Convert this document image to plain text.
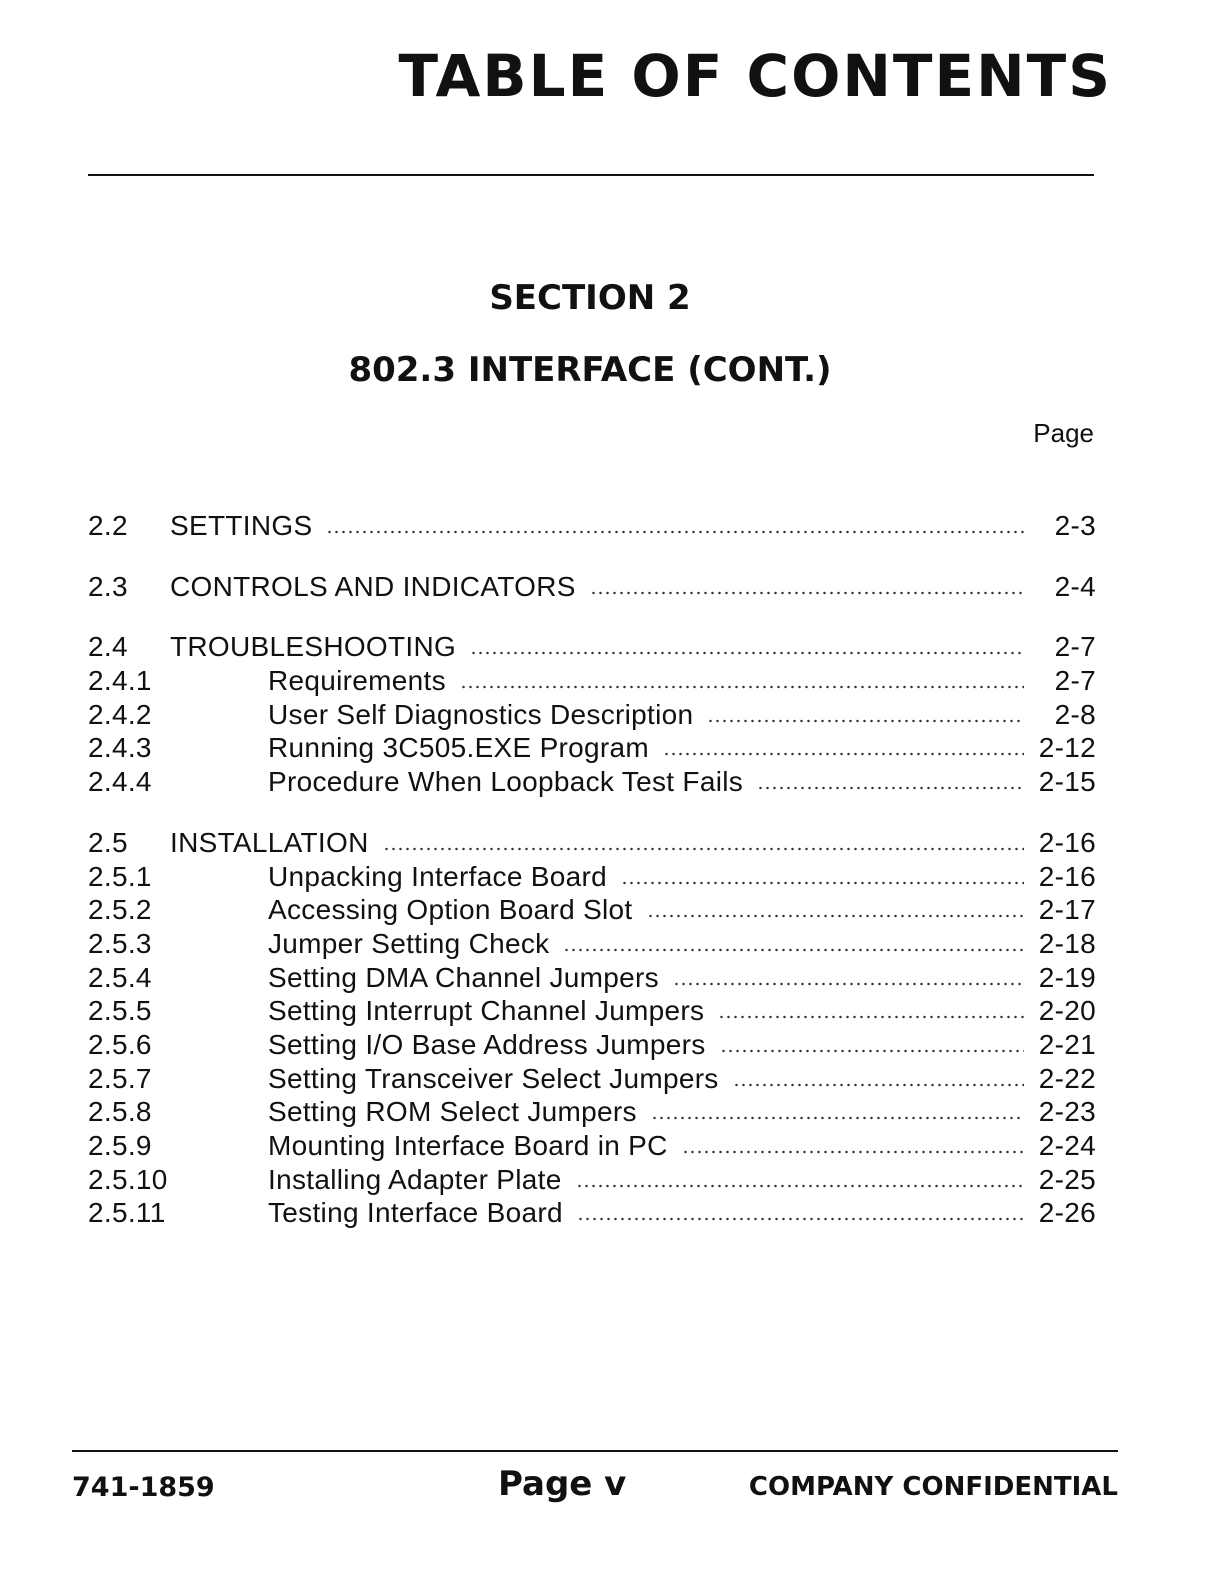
TABLE OF CONTENTS
SECTION 2
802.3 INTERFACE (CONT.)

Page

2.2	SETTINGS	2-3
2.3	CONTROLS AND INDICATORS	2-4
2.4	TROUBLESHOOTING	2-7
2.4.1	Requirements	2-7
2.4.2	User Self Diagnostics Description	2-8
2.4.3	Running 3C505.EXE Program	2-12
2.4.4	Procedure When Loopback Test Fails	2-15
2.5	INSTALLATION	2-16
2.5.1	Unpacking Interface Board	2-16
2.5.2	Accessing Option Board Slot	2-17
2.5.3	Jumper Setting Check	2-18
2.5.4	Setting DMA Channel Jumpers	2-19
2.5.5	Setting Interrupt Channel Jumpers	2-20
2.5.6	Setting I/O Base Address Jumpers	2-21
2.5.7	Setting Transceiver Select Jumpers	2-22
2.5.8	Setting ROM Select Jumpers	2-23
2.5.9	Mounting Interface Board in PC	2-24
2.5.10	Installing Adapter Plate	2-25
2.5.11	Testing Interface Board	2-26

741-1859	Page v	COMPANY CONFIDENTIAL
